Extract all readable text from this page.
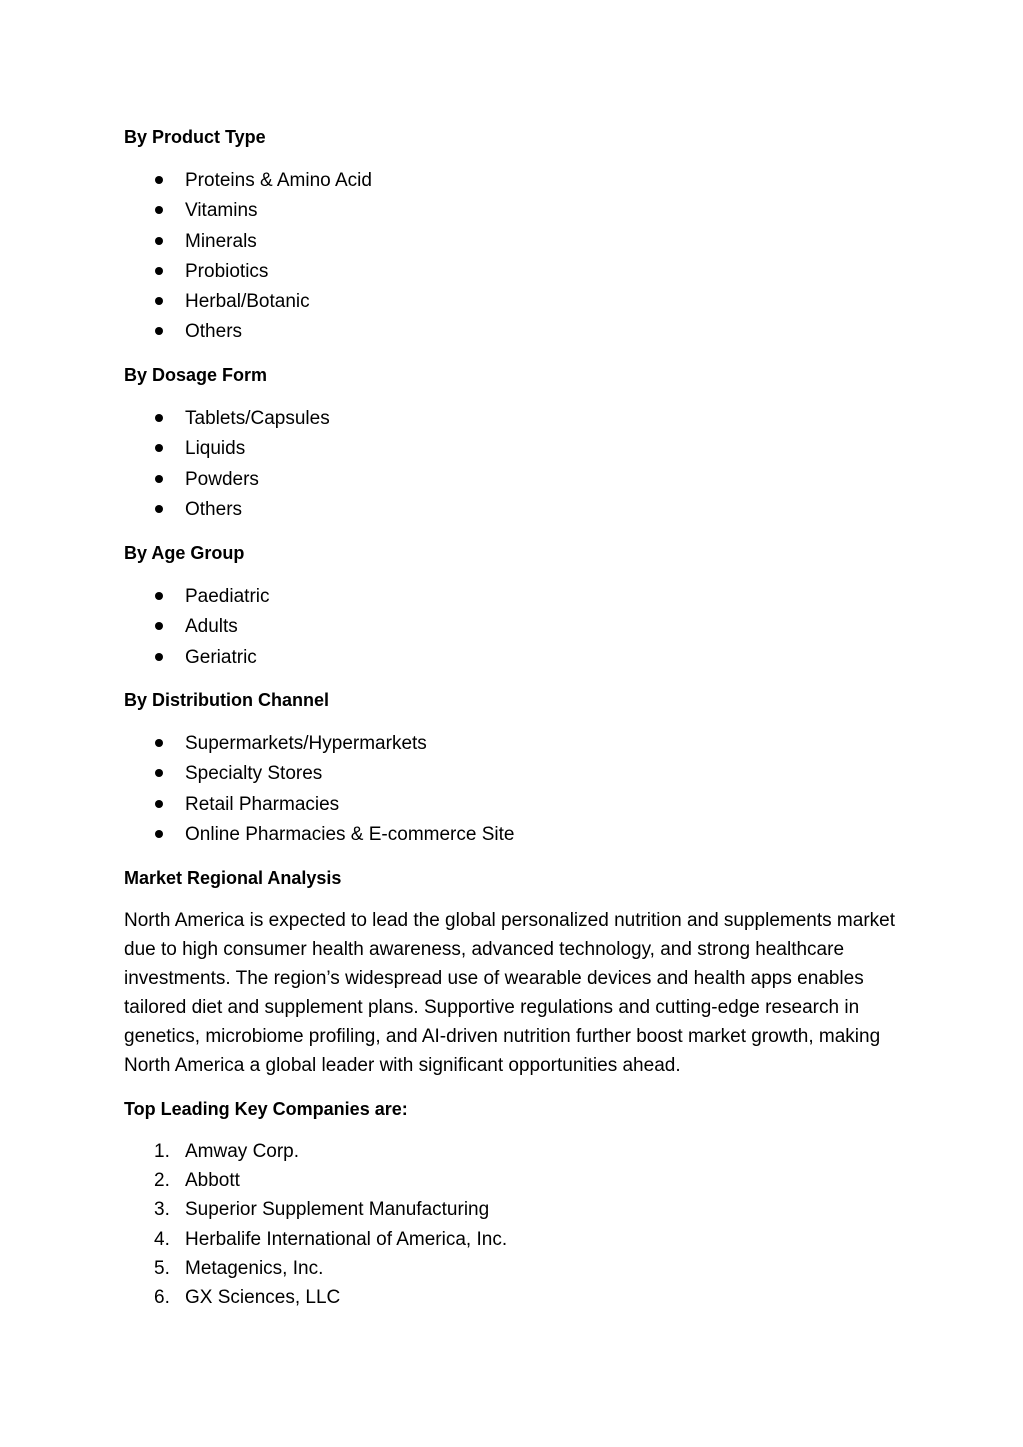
By Product Type
Proteins & Amino Acid
Vitamins
Minerals
Probiotics
Herbal/Botanic
Others
By Dosage Form
Tablets/Capsules
Liquids
Powders
Others
By Age Group
Paediatric
Adults
Geriatric
By Distribution Channel
Supermarkets/Hypermarkets
Specialty Stores
Retail Pharmacies
Online Pharmacies & E-commerce Site
Market Regional Analysis

North America is expected to lead the global personalized nutrition and supplements market due to high consumer health awareness, advanced technology, and strong healthcare investments. The region’s widespread use of wearable devices and health apps enables tailored diet and supplement plans. Supportive regulations and cutting-edge research in genetics, microbiome profiling, and AI-driven nutrition further boost market growth, making North America a global leader with significant opportunities ahead.

Top Leading Key Companies are:
1. Amway Corp.
2. Abbott
3. Superior Supplement Manufacturing
4. Herbalife International of America, Inc.
5. Metagenics, Inc.
6. GX Sciences, LLC
